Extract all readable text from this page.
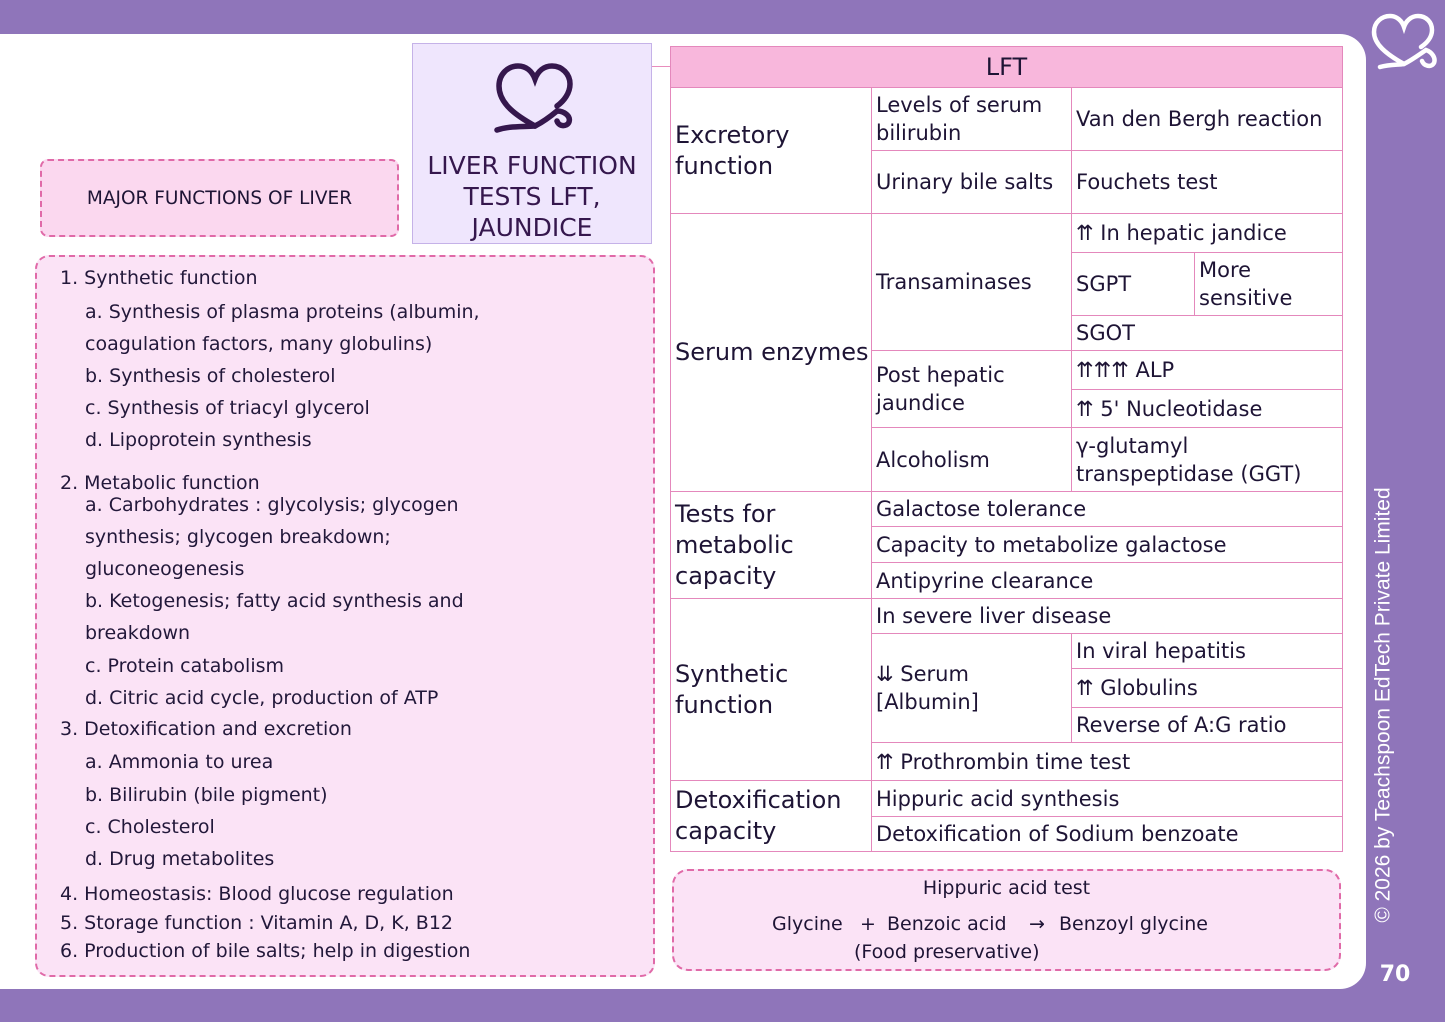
© 2026 by Teachspoon EdTech Private Limited
70
LIVER FUNCTION
TESTS LFT,
JAUNDICE
MAJOR FUNCTIONS OF LIVER
1. Synthetic function
a. Synthesis of plasma proteins (albumin,
coagulation factors, many globulins)
b. Synthesis of cholesterol
c. Synthesis of triacyl glycerol
d. Lipoprotein synthesis
2. Metabolic function
a. Carbohydrates : glycolysis; glycogen
synthesis; glycogen breakdown;
gluconeogenesis
b. Ketogenesis; fatty acid synthesis and
breakdown
c. Protein catabolism
d. Citric acid cycle, production of ATP
3. Detoxification and excretion
a. Ammonia to urea
b. Bilirubin (bile pigment)
c. Cholesterol
d. Drug metabolites
4. Homeostasis: Blood glucose regulation
5. Storage function : Vitamin A, D, K, B12
6. Production of bile salts; help in digestion
LFT
Excretory function
Levels of serum bilirubin
Van den Bergh reaction
Urinary bile salts	Fouchets test
Serum enzymes
Transaminases
⇈ In hepatic jandice
SGPT
More sensitive
SGOT
Post hepatic jaundice
⇈⇈⇈ ALP
⇈ 5' Nucleotidase
Alcoholism
γ-glutamyl transpeptidase (GGT)
Tests for metabolic capacity
Galactose tolerance
Capacity to metabolize galactose
Antipyrine clearance
Synthetic function
In severe liver disease
⇊ Serum [Albumin]
In viral hepatitis
⇈ Globulins
Reverse of A:G ratio
⇈ Prothrombin time test
Detoxification capacity
Hippuric acid synthesis
Detoxification of Sodium benzoate
Hippuric acid test
Glycine + Benzoic acid → Benzoyl glycine
(Food preservative)
